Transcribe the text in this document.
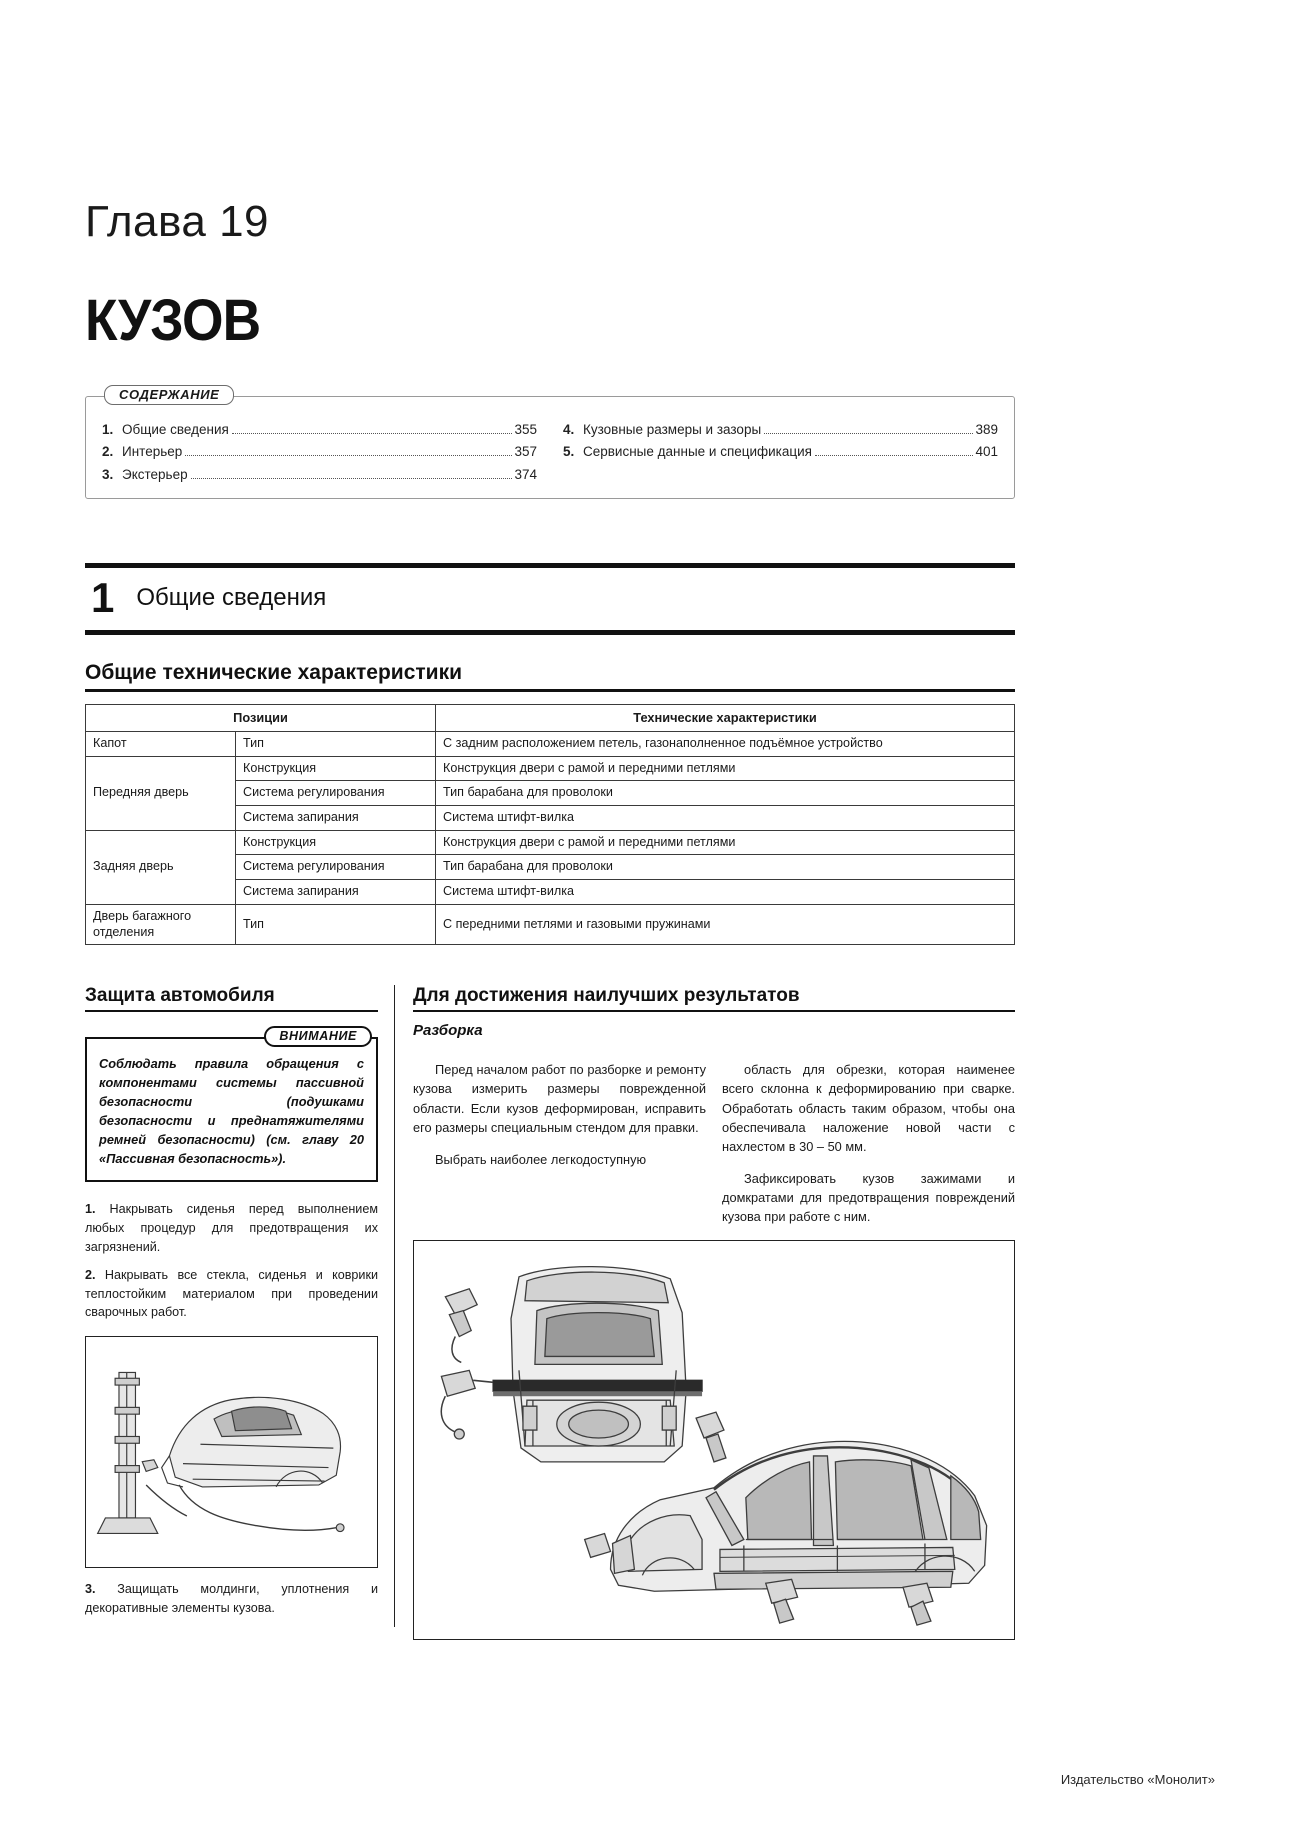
Глава 19
КУЗОВ
СОДЕРЖАНИЕ
1. Общие сведения	355
2. Интерьер	357
3. Экстерьер	374
4. Кузовные размеры и зазоры	389
5. Сервисные данные и спецификация	401
1 Общие сведения
Общие технические характеристики
Позиции		Технические характеристики
Капот	Тип	С задним расположением петель, газонаполненное подъёмное устройство
Передняя дверь	Конструкция	Конструкция двери с рамой и передними петлями
	Система регулирования	Тип барабана для проволоки
	Система запирания	Система штифт-вилка
Задняя дверь	Конструкция	Конструкция двери с рамой и передними петлями
	Система регулирования	Тип барабана для проволоки
	Система запирания	Система штифт-вилка
Дверь багажного отделения	Тип	С передними петлями и газовыми пружинами
Защита автомобиля
ВНИМАНИЕ
Соблюдать правила обращения с компонентами системы пассивной безопасности (подушками безопасности и преднатяжителями ремней безопасности) (см. главу 20 «Пассивная безопасность»).
1. Накрывать сиденья перед выполнением любых процедур для предотвращения их загрязнений.
2. Накрывать все стекла, сиденья и коврики теплостойким материалом при проведении сварочных работ.
3. Защищать молдинги, уплотнения и декоративные элементы кузова.
Для достижения наилучших результатов
Разборка

Перед началом работ по разборке и ремонту кузова измерить размеры поврежденной области. Если кузов деформирован, исправить его размеры специальным стендом для правки.

Выбрать наиболее легкодоступную

область для обрезки, которая наименее всего склонна к деформированию при сварке. Обработать область таким образом, чтобы она обеспечивала наложение новой части с нахлестом в 30 – 50 мм.

Зафиксировать кузов зажимами и домкратами для предотвращения повреждений кузова при работе с ним.

Издательство «Монолит»
